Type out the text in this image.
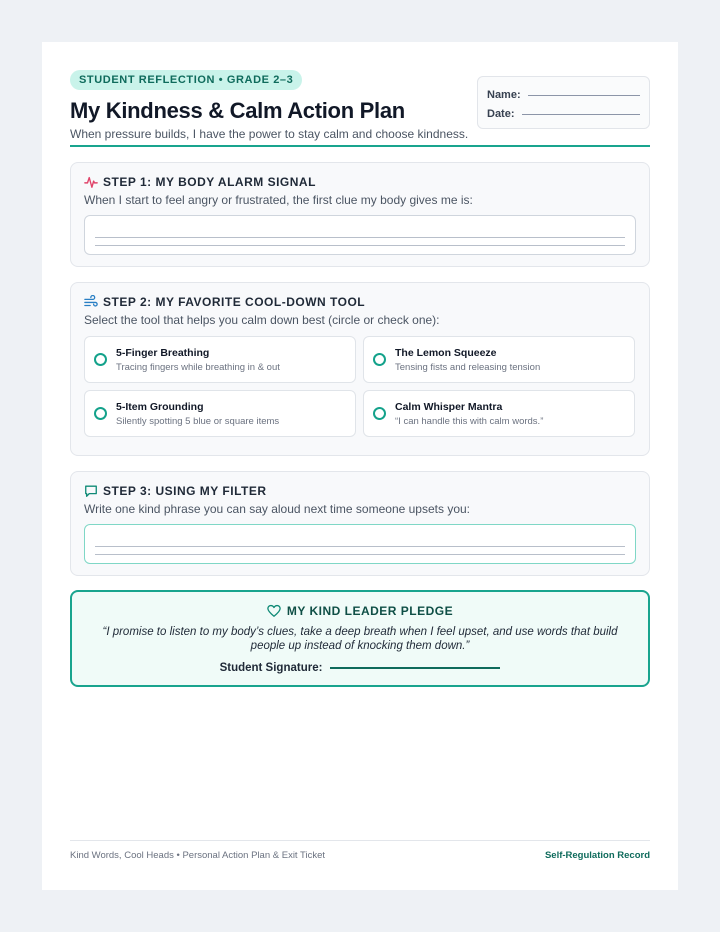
STUDENT REFLECTION • GRADE 2–3
My Kindness & Calm Action Plan
When pressure builds, I have the power to stay calm and choose kindness.
Name:
Date:
STEP 1: MY BODY ALARM SIGNAL
When I start to feel angry or frustrated, the first clue my body gives me is:
STEP 2: MY FAVORITE COOL-DOWN TOOL
Select the tool that helps you calm down best (circle or check one):
5-Finger Breathing
Tracing fingers while breathing in & out
The Lemon Squeeze
Tensing fists and releasing tension
5-Item Grounding
Silently spotting 5 blue or square items
Calm Whisper Mantra
“I can handle this with calm words.”
STEP 3: USING MY FILTER
Write one kind phrase you can say aloud next time someone upsets you:
MY KIND LEADER PLEDGE
“I promise to listen to my body’s clues, take a deep breath when I feel upset, and use words that build people up instead of knocking them down.”
Student Signature:
Kind Words, Cool Heads • Personal Action Plan & Exit Ticket	Self-Regulation Record
